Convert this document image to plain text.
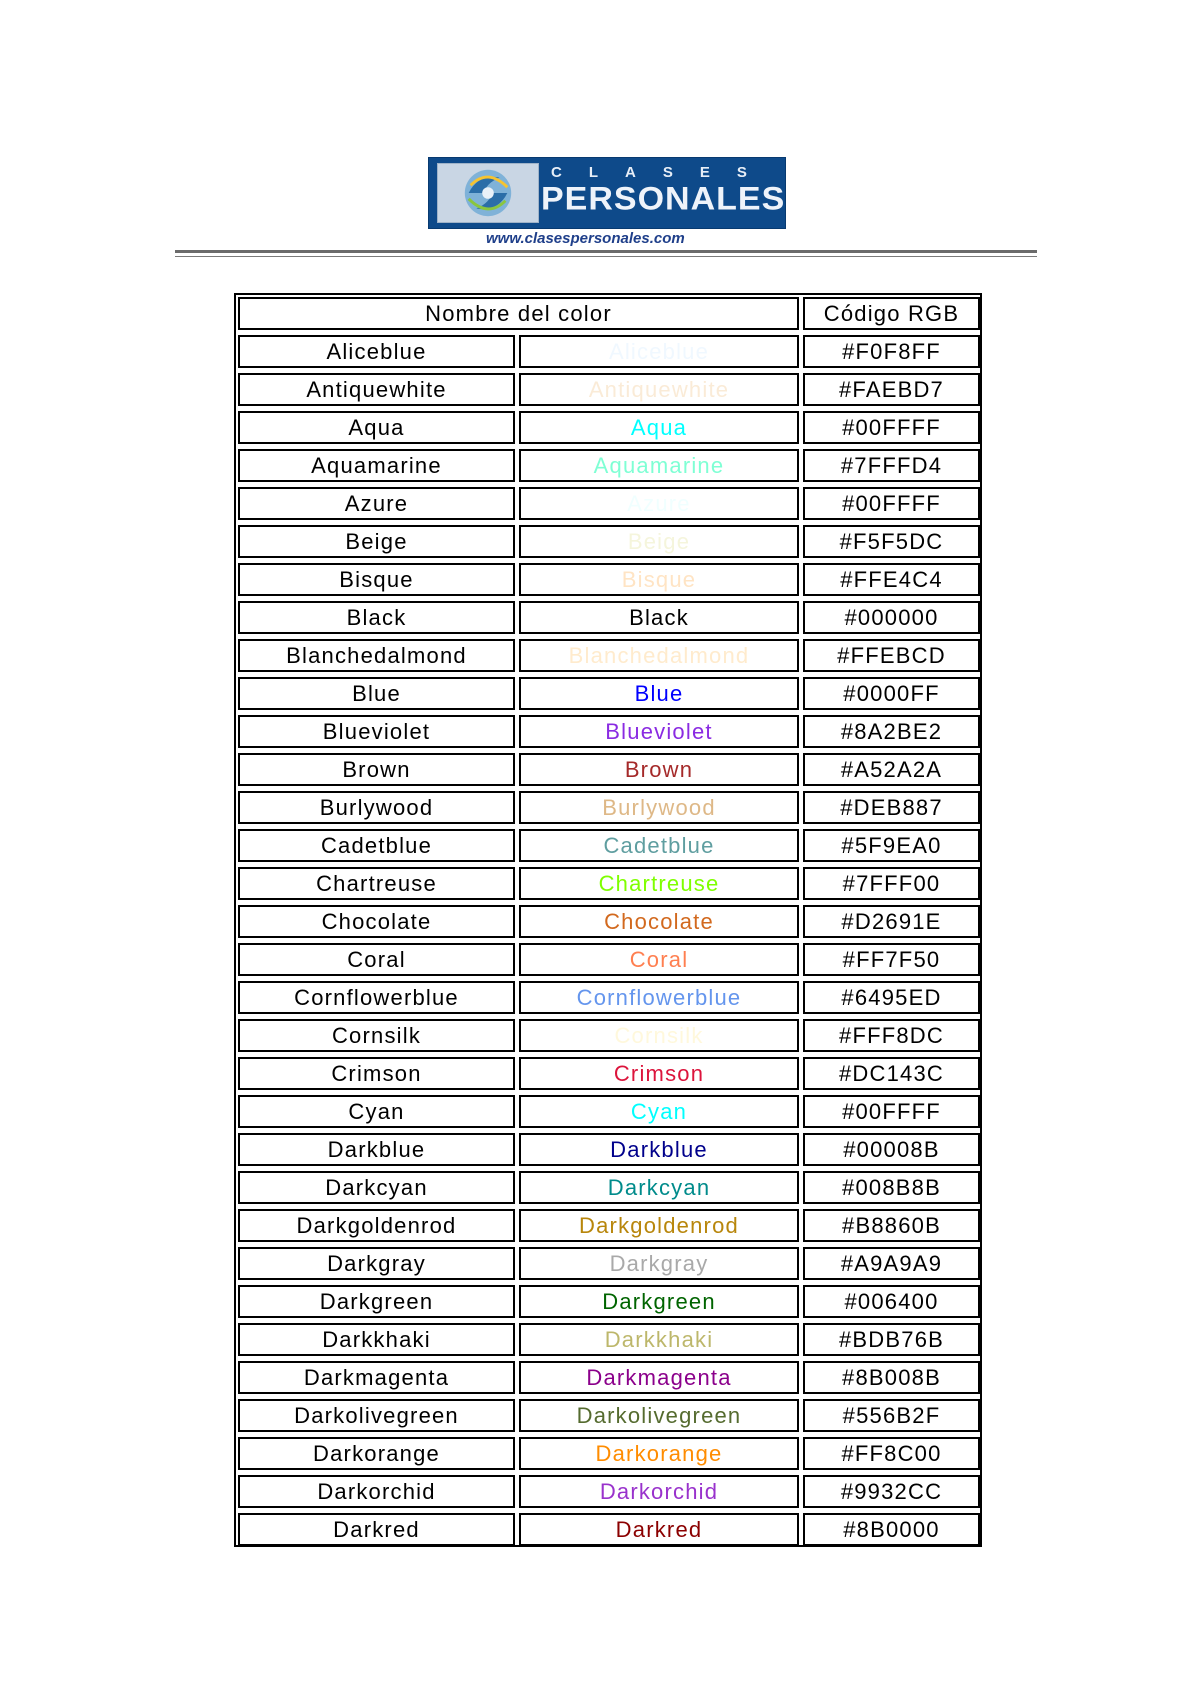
CLASES
PERSONALES
www.clasespersonales.com
Nombre del color	Código RGB
Aliceblue	Aliceblue	#F0F8FF
Antiquewhite	Antiquewhite	#FAEBD7
Aqua	Aqua	#00FFFF
Aquamarine	Aquamarine	#7FFFD4
Azure	Azure	#00FFFF
Beige	Beige	#F5F5DC
Bisque	Bisque	#FFE4C4
Black	Black	#000000
Blanchedalmond	Blanchedalmond	#FFEBCD
Blue	Blue	#0000FF
Blueviolet	Blueviolet	#8A2BE2
Brown	Brown	#A52A2A
Burlywood	Burlywood	#DEB887
Cadetblue	Cadetblue	#5F9EA0
Chartreuse	Chartreuse	#7FFF00
Chocolate	Chocolate	#D2691E
Coral	Coral	#FF7F50
Cornflowerblue	Cornflowerblue	#6495ED
Cornsilk	Cornsilk	#FFF8DC
Crimson	Crimson	#DC143C
Cyan	Cyan	#00FFFF
Darkblue	Darkblue	#00008B
Darkcyan	Darkcyan	#008B8B
Darkgoldenrod	Darkgoldenrod	#B8860B
Darkgray	Darkgray	#A9A9A9
Darkgreen	Darkgreen	#006400
Darkkhaki	Darkkhaki	#BDB76B
Darkmagenta	Darkmagenta	#8B008B
Darkolivegreen	Darkolivegreen	#556B2F
Darkorange	Darkorange	#FF8C00
Darkorchid	Darkorchid	#9932CC
Darkred	Darkred	#8B0000
